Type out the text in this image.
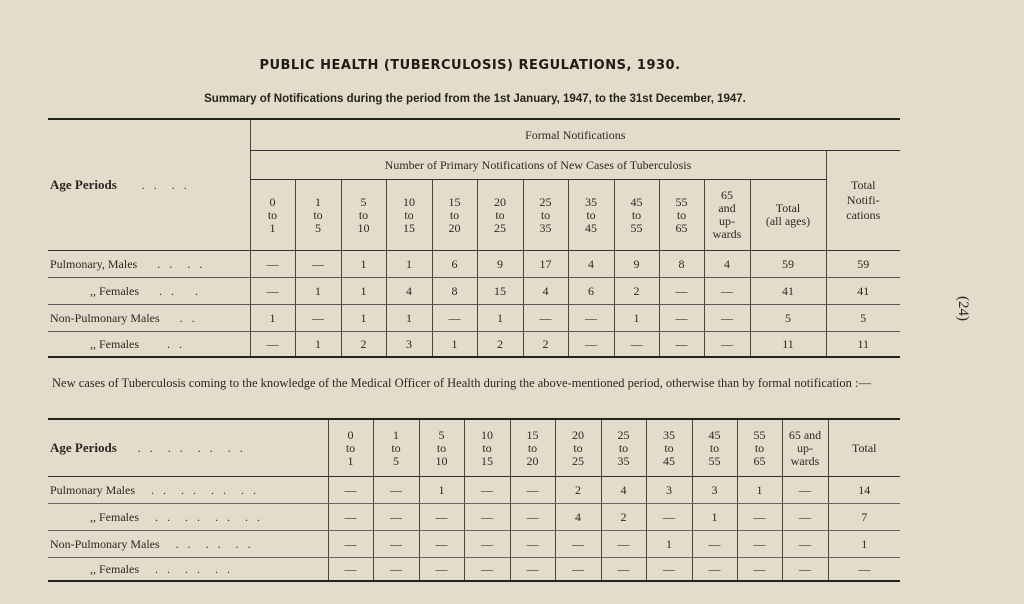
PUBLIC HEALTH (TUBERCULOSIS) REGULATIONS, 1930.
Summary of Notifications during the period from the 1st January, 1947, to the 31st December, 1947.
Age Periods . .  . .	Formal Notifications												
	Number of Primary Notifications of New Cases of Tuberculosis												Total
Notifi-
cations
	0
to
1	1
to
5	5
to
10	10
to
15	15
to
20	20
to
25	25
to
35	35
to
45	45
to
55	55
to
65	65
and
up-
wards	Total
(all ages)	
Pulmonary, Males . .  . .	—	—	1	1	6	9	17	4	9	8	4	59	59
,, Females . .   .	—	1	1	4	8	15	4	6	2	—	—	41	41
Non-Pulmonary Males . .	1	—	1	1	—	1	—	—	1	—	—	5	5
,, Females . .	—	1	2	3	1	2	2	—	—	—	—	11	11
New cases of Tuberculosis coming to the knowledge of the Medical Officer of Health during the above-mentioned period, otherwise than by formal notification :—
Age Periods . .  . .  . .  . .	0
to
1	1
to
5	5
to
10	10
to
15	15
to
20	20
to
25	25
to
35	35
to
45	45
to
55	55
to
65	65 and
up-
wards	Total
Pulmonary Males . .  . .  . .  . .	—	—	1	—	—	2	4	3	3	1	—	14
,, Females . .  . .  . .  . .	—	—	—	—	—	4	2	—	1	—	—	7
Non-Pulmonary Males . .  . .  . .	—	—	—	—	—	—	—	1	—	—	—	1
,, Females . .  . .  . .	—	—	—	—	—	—	—	—	—	—	—	—
(24)
